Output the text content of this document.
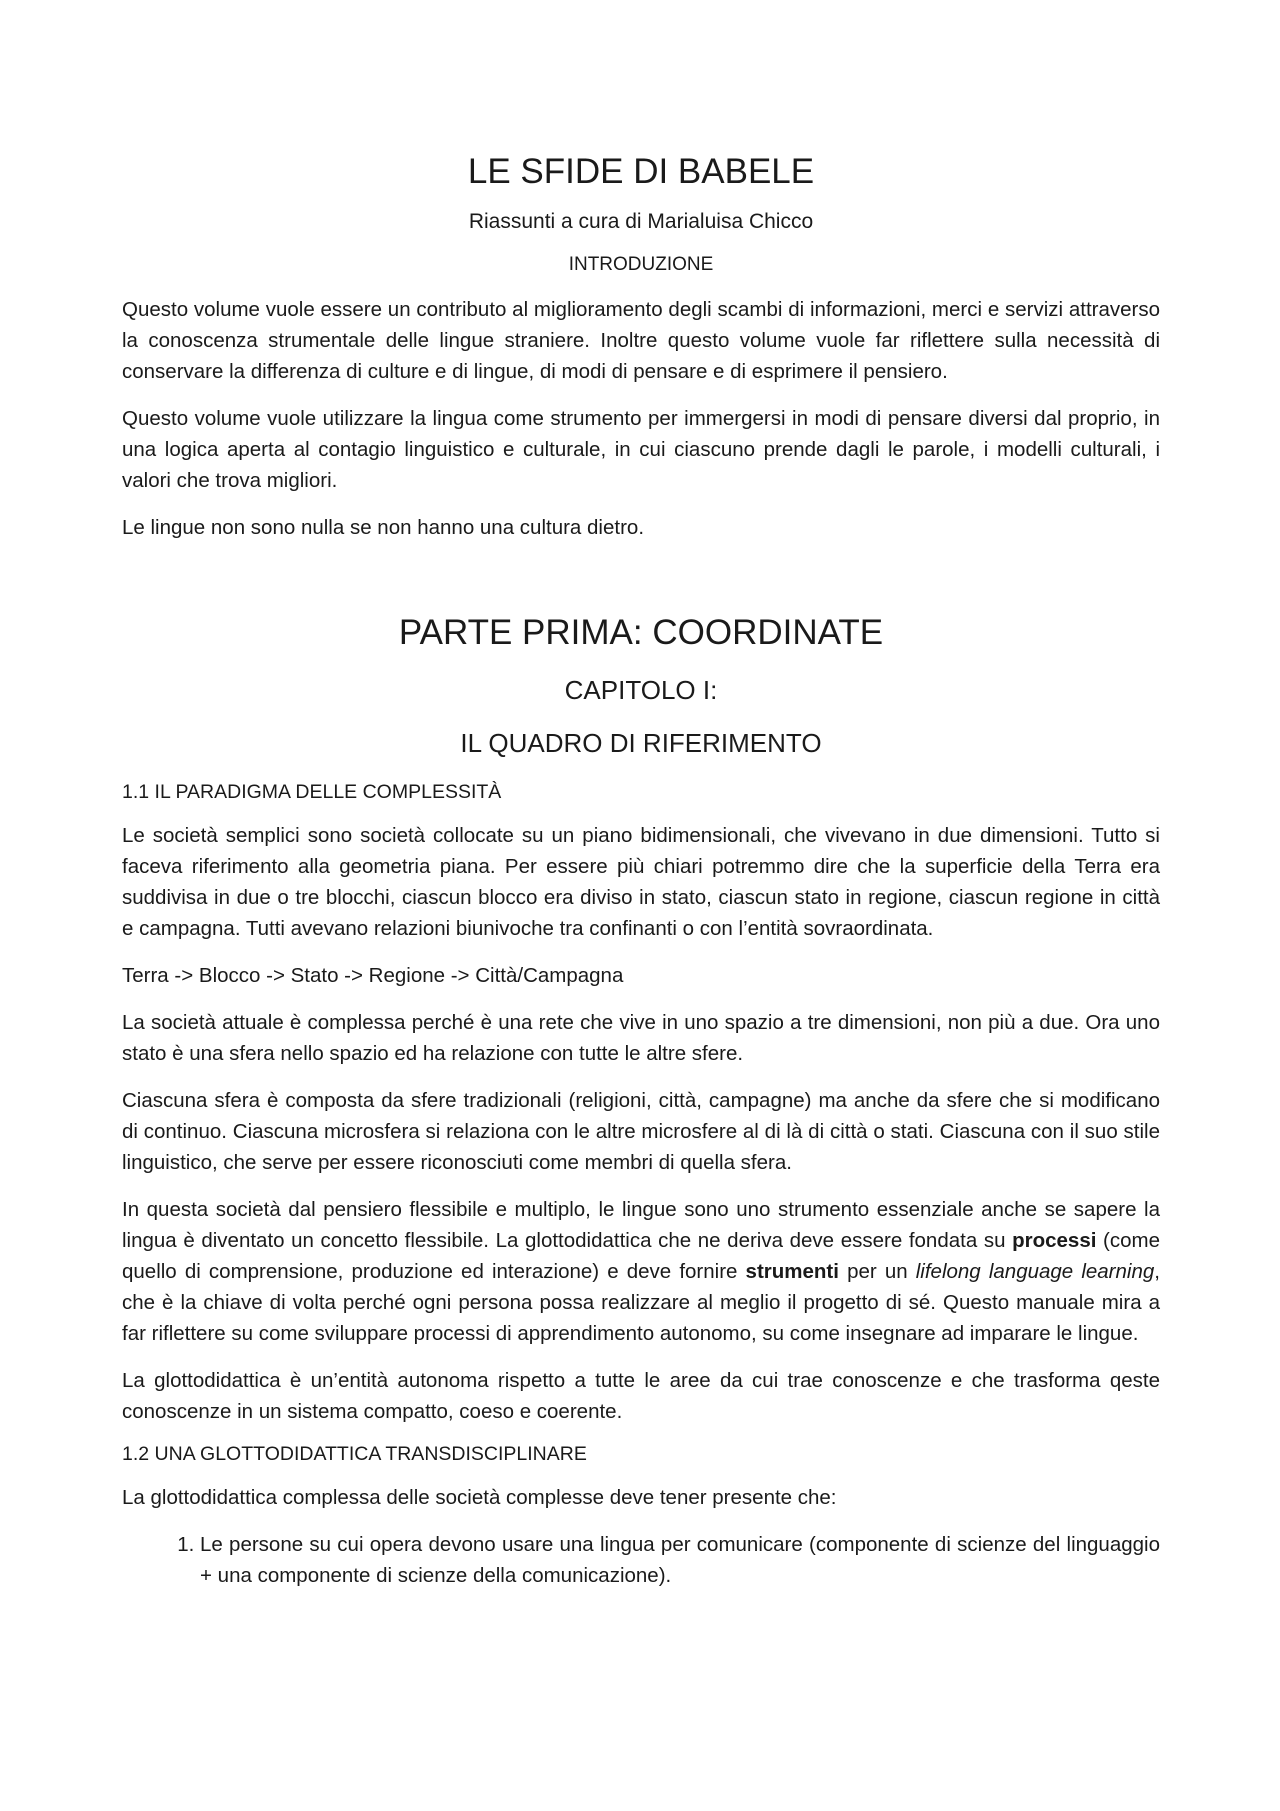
LE SFIDE DI BABELE
Riassunti a cura di Marialuisa Chicco
INTRODUZIONE

Questo volume vuole essere un contributo al miglioramento degli scambi di informazioni, merci e servizi attraverso la conoscenza strumentale delle lingue straniere. Inoltre questo volume vuole far riflettere sulla necessità di conservare la differenza di culture e di lingue, di modi di pensare e di esprimere il pensiero.

Questo volume vuole utilizzare la lingua come strumento per immergersi in modi di pensare diversi dal proprio, in una logica aperta al contagio linguistico e culturale, in cui ciascuno prende dagli le parole, i modelli culturali, i valori che trova migliori.

Le lingue non sono nulla se non hanno una cultura dietro.

PARTE PRIMA: COORDINATE
CAPITOLO I:
IL QUADRO DI RIFERIMENTO
1.1 IL PARADIGMA DELLE COMPLESSITÀ

Le società semplici sono società collocate su un piano bidimensionali, che vivevano in due dimensioni. Tutto si faceva riferimento alla geometria piana. Per essere più chiari potremmo dire che la superficie della Terra era suddivisa in due o tre blocchi, ciascun blocco era diviso in stato, ciascun stato in regione, ciascun regione in città e campagna. Tutti avevano relazioni biunivoche tra confinanti o con l’entità sovraordinata.

Terra -> Blocco -> Stato -> Regione -> Città/Campagna

La società attuale è complessa perché è una rete che vive in uno spazio a tre dimensioni, non più a due. Ora uno stato è una sfera nello spazio ed ha relazione con tutte le altre sfere.

Ciascuna sfera è composta da sfere tradizionali (religioni, città, campagne) ma anche da sfere che si modificano di continuo. Ciascuna microsfera si relaziona con le altre microsfere al di là di città o stati. Ciascuna con il suo stile linguistico, che serve per essere riconosciuti come membri di quella sfera.

In questa società dal pensiero flessibile e multiplo, le lingue sono uno strumento essenziale anche se sapere la lingua è diventato un concetto flessibile. La glottodidattica che ne deriva deve essere fondata su processi (come quello di comprensione, produzione ed interazione) e deve fornire strumenti per un lifelong language learning, che è la chiave di volta perché ogni persona possa realizzare al meglio il progetto di sé. Questo manuale mira a far riflettere su come sviluppare processi di apprendimento autonomo, su come insegnare ad imparare le lingue.

La glottodidattica è un’entità autonoma rispetto a tutte le aree da cui trae conoscenze e che trasforma qeste conoscenze in un sistema compatto, coeso e coerente.

1.2 UNA GLOTTODIDATTICA TRANSDISCIPLINARE

La glottodidattica complessa delle società complesse deve tener presente che:

1. Le persone su cui opera devono usare una lingua per comunicare (componente di scienze del linguaggio + una componente di scienze della comunicazione).
